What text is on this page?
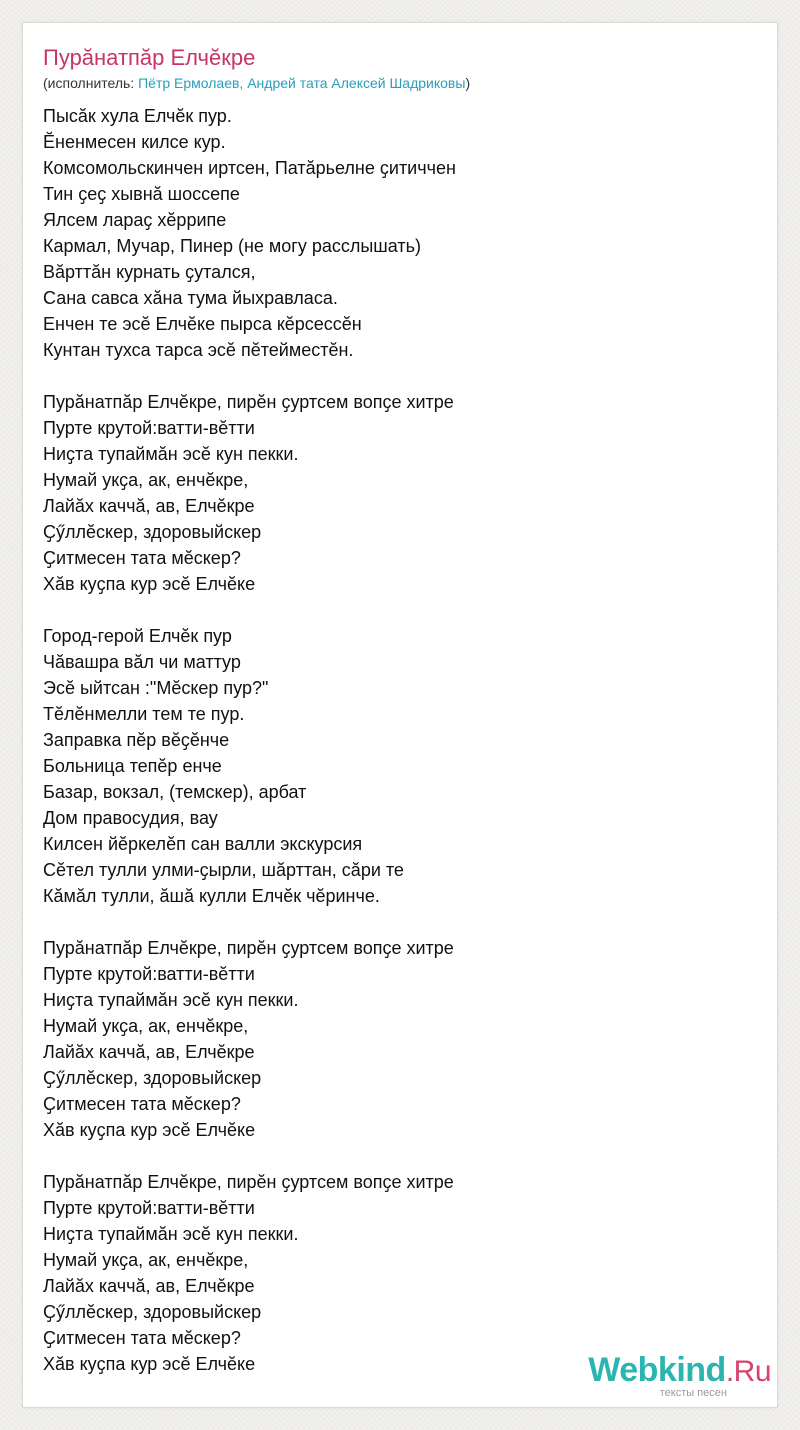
Пурӑнатпӑр Елчӗкре
(исполнитель: Пётр Ермолаев, Андрей тата Алексей Шадриковы)
Пысӑк хула Елчӗк пур.
Ӗненмесен килсе кур.
Комсомольскинчен иртсен, Патӑрьелне ҫитиччен
Тин ҫеҫ хывнӑ шоссепе
Ялсем лараҫ хӗррипе
Кармал, Мучар, Пинер (не могу расслышать)
Вӑрттӑн курнать ҫутался,
Сана савса хӑна тума йыхравласа.
Енчен те эсӗ Елчӗке пырса кӗрсессӗн
Кунтан тухса тарса эсӗ пӗтейместӗн.
Пурӑнатпӑр Елчӗкре, пирӗн ҫуртсем вопҫе хитре
Пурте крутой:ватти-вӗтти
Ниҫта тупаймӑн эсӗ кун пекки.
Нумай укҫа, ак, енчӗкре,
Лайӑх каччӑ, ав, Елчӗкре
Ҫӳллӗскер, здоровыйскер
Ҫитмесен тата мӗскер?
Хӑв куҫпа кур эсӗ Елчӗке
Город-герой Елчӗк пур
Чӑвашра вӑл чи маттур
Эсӗ ыйтсан :"Мӗскер пур?"
Тӗлӗнмелли тем те пур.
Заправка пӗр вӗҫӗнче
Больница тепӗр енче
Базар, вокзал, (темскер), арбат
Дом правосудия, вау
Килсен йӗркелӗп сан валли экскурсия
Сӗтел тулли улми-ҫырли, шӑрттан, сӑри те
Кӑмӑл тулли, ӑшӑ кулли Елчӗк чӗринче.
Пурӑнатпӑр Елчӗкре, пирӗн ҫуртсем вопҫе хитре
Пурте крутой:ватти-вӗтти
Ниҫта тупаймӑн эсӗ кун пекки.
Нумай укҫа, ак, енчӗкре,
Лайӑх каччӑ, ав, Елчӗкре
Ҫӳллӗскер, здоровыйскер
Ҫитмесен тата мӗскер?
Хӑв куҫпа кур эсӗ Елчӗке
Пурӑнатпӑр Елчӗкре, пирӗн ҫуртсем вопҫе хитре
Пурте крутой:ватти-вӗтти
Ниҫта тупаймӑн эсӗ кун пекки.
Нумай укҫа, ак, енчӗкре,
Лайӑх каччӑ, ав, Елчӗкре
Ҫӳллӗскер, здоровыйскер
Ҫитмесен тата мӗскер?
Хӑв куҫпа кур эсӗ Елчӗке	Webkind.Ru
тексты песен
